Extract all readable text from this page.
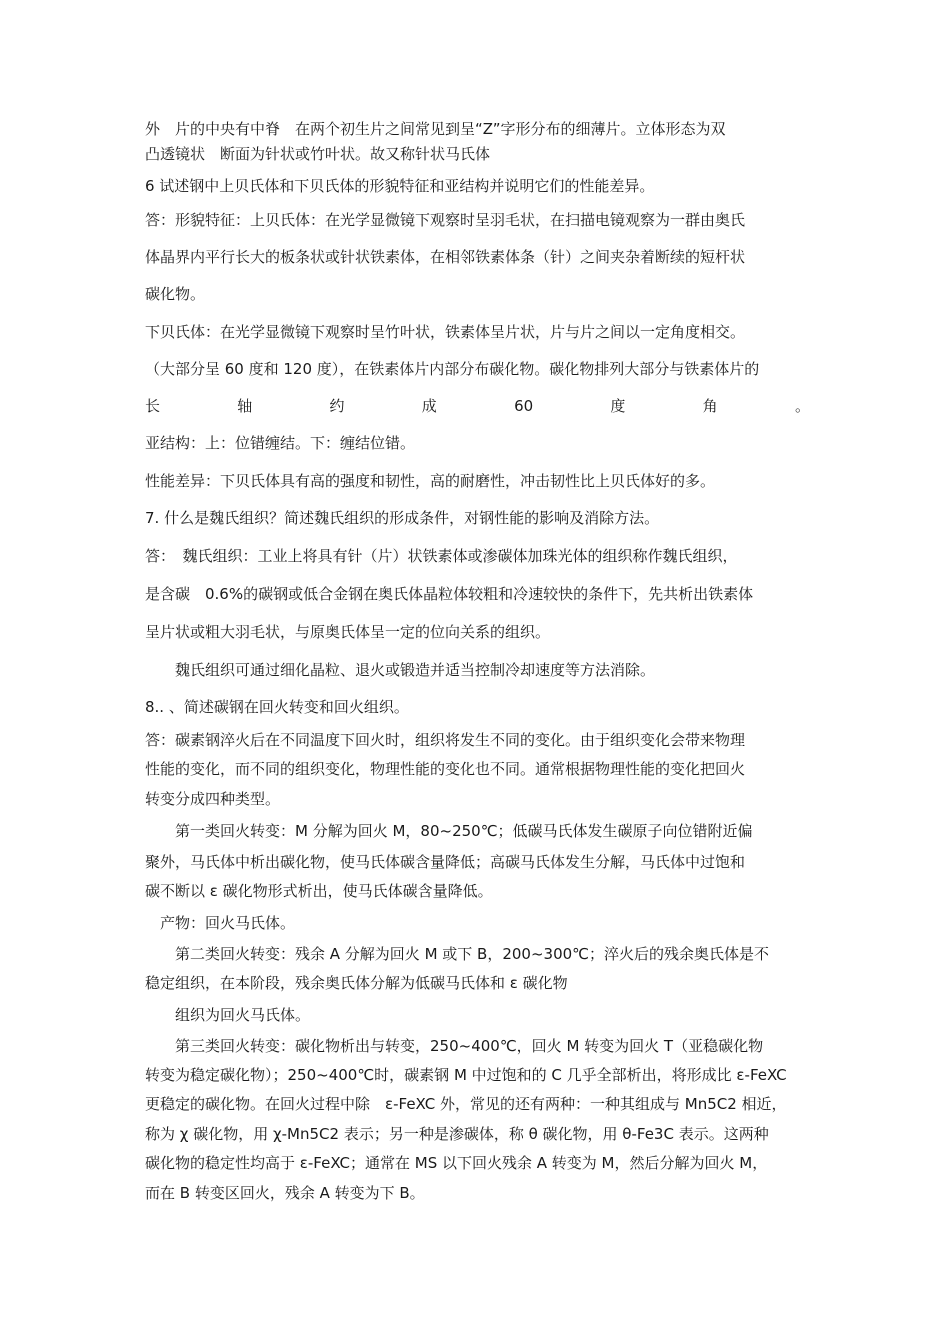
外　片的中央有中脊　在两个初生片之间常见到呈“Z”字形分布的细薄片。立体形态为双
凸透镜状　断面为针状或竹叶状。故又称针状马氏体
6 试述钢中上贝氏体和下贝氏体的形貌特征和亚结构并说明它们的性能差异。
答：形貌特征：上贝氏体：在光学显微镜下观察时呈羽毛状，在扫描电镜观察为一群由奥氏
体晶界内平行长大的板条状或针状铁素体，在相邻铁素体条（针）之间夹杂着断续的短杆状
碳化物。
下贝氏体：在光学显微镜下观察时呈竹叶状，铁素体呈片状，片与片之间以一定角度相交。
（大部分呈 60 度和 120 度），在铁素体片内部分布碳化物。碳化物排列大部分与铁素体片的
长	轴	约	成	60	度	角	。
亚结构：上：位错缠结。下：缠结位错。
性能差异：下贝氏体具有高的强度和韧性，高的耐磨性，冲击韧性比上贝氏体好的多。
7. 什么是魏氏组织？简述魏氏组织的形成条件，对钢性能的影响及消除方法。
答：　魏氏组织：工业上将具有针（片）状铁素体或渗碳体加珠光体的组织称作魏氏组织，
是含碳　0.6%的碳钢或低合金钢在奥氏体晶粒体较粗和冷速较快的条件下，先共析出铁素体
呈片状或粗大羽毛状，与原奥氏体呈一定的位向关系的组织。
　　魏氏组织可通过细化晶粒、退火或锻造并适当控制冷却速度等方法消除。
8.. 、简述碳钢在回火转变和回火组织。
答：碳素钢淬火后在不同温度下回火时，组织将发生不同的变化。由于组织变化会带来物理
性能的变化，而不同的组织变化，物理性能的变化也不同。通常根据物理性能的变化把回火
转变分成四种类型。
　　第一类回火转变：M 分解为回火 M，80~250℃；低碳马氏体发生碳原子向位错附近偏
聚外，马氏体中析出碳化物，使马氏体碳含量降低；高碳马氏体发生分解，马氏体中过饱和
碳不断以 ε 碳化物形式析出，使马氏体碳含量降低。
　产物：回火马氏体。
　　第二类回火转变：残余 A 分解为回火 M 或下 B，200~300℃；淬火后的残余奥氏体是不
稳定组织，在本阶段，残余奥氏体分解为低碳马氏体和 ε 碳化物
　　组织为回火马氏体。
　　第三类回火转变：碳化物析出与转变，250~400℃，回火 M 转变为回火 T（亚稳碳化物
转变为稳定碳化物）；250~400℃时，碳素钢 M 中过饱和的 C 几乎全部析出，将形成比 ε-FeXC
更稳定的碳化物。在回火过程中除　ε-FeXC 外，常见的还有两种：一种其组成与 Mn5C2 相近，
称为 χ 碳化物，用 χ-Mn5C2 表示；另一种是渗碳体，称 θ 碳化物，用 θ-Fe3C 表示。这两种
碳化物的稳定性均高于 ε-FeXC；通常在 MS 以下回火残余 A 转变为 M，然后分解为回火 M，
而在 B 转变区回火，残余 A 转变为下 B。
